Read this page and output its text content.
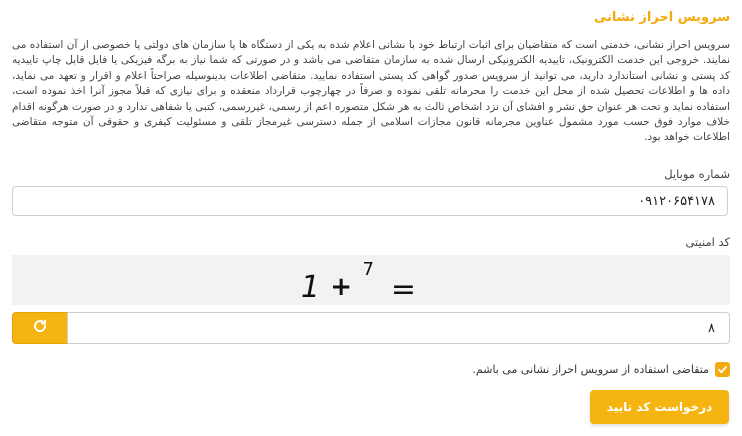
سرویس احراز نشانی
سرویس احراز نشانی، خدمتی است که متقاضیان برای اثبات ارتباط خود با نشانی اعلام شده به یکی از دستگاه ها یا سازمان های دولتی یا خصوصی از آن استفاده می نمایند. خروجی این خدمت الکترونیک، تاییدیه الکترونیکی ارسال شده به سازمان متقاضی می باشد و در صورتی که شما نیاز به برگه فیزیکی یا فایل قابل چاپ تاییدیه کد پستی و نشانی استاندارد دارید، می توانید از سرویس صدور گواهی کد پستی استفاده نمایید. متقاضی اطلاعات بدینوسیله صراحتاً اعلام و اقرار و تعهد می نماید، داده ها و اطلاعات تحصیل شده از محل این خدمت را محرمانه تلقی نموده و صرفاً در چهارچوب قرارداد منعقده و برای نیازی که قبلاً مجوز آنرا اخذ نموده است، استفاده نماید و تحت هر عنوان حق نشر و افشای آن نزد اشخاص ثالث به هر شکل متصوره اعم از رسمی، غیررسمی، کتبی یا شفاهی ندارد و در صورت هرگونه اقدام خلاف موارد فوق حسب مورد مشمول عناوین مجرمانه قانون مجازات اسلامی از جمله دسترسی غیرمجاز تلقی و مسئولیت کیفری و حقوقی آن متوجه متقاضی اطلاعات خواهد بود.
شماره موبایل
۰۹۱۲۰۶۵۴۱۷۸
کد امنیتی
1 +
7
=
۸
متقاضی استفاده از سرویس احراز نشانی می باشم.
درخواست کد تایید
